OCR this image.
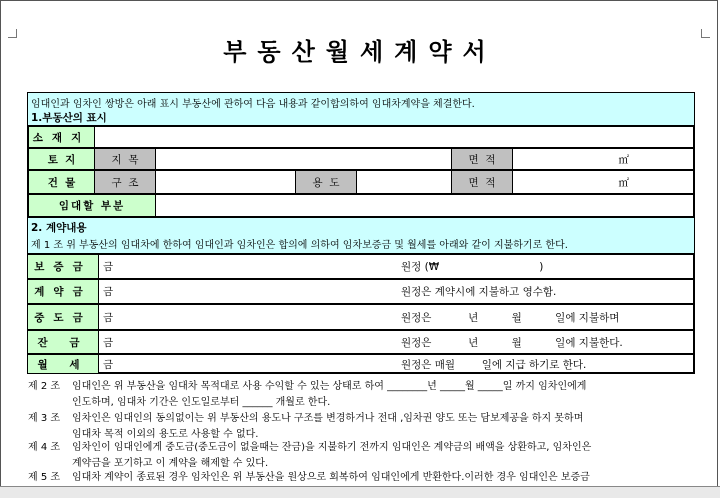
부동산월세계약서
임대인과 임차인 쌍방은 아래 표시 부동산에 관하여 다음 내용과 같이합의하여 임대차계약을 체결한다.
1.부동산의 표시
소재지
토  지	지  목	면  적	㎡
건  물	구  조	용  도	면  적	㎡
임대할 부분
2. 계약내용
제 1 조 위 부동산의 임대차에 한하여 임대인과 임차인은 합의에 의하여 임차보증금 및 월세를 아래와 같이 지불하기로 한다.
보증금	금	원정 (₩                              )
계약금	금	원정은 계약시에 지불하고 영수함.
중도금	금	원정은           년          월          일에 지불하며
잔 금	금	원정은           년          월          일에 지불한다.
월 세	금	원정은 매월        일에 지급 하기로 한다.
제 2 조 임대인은 위 부동산을 임대차 목적대로 사용 수익할 수 있는 상태로 하여 ________년 _____월 _____일 까지 임차인에게
인도하며, 임대차 기간은 인도일로부터 ______ 개월로 한다.
제 3 조 임차인은 임대인의 동의없이는 위 부동산의 용도나 구조를 변경하거나 전대 ,임차권 양도 또는 담보제공을 하지 못하며
임대차 목적 이외의 용도로 사용할 수 없다.
제 4 조 임차인이 임대인에게 중도금(중도금이 없을때는 잔금)을 지불하기 전까지 임대인은 계약금의 배액을 상환하고, 임차인은
계약금을 포기하고 이 계약을 해제할 수 있다.
제 5 조 임대차 계약이 종료된 경우 임차인은 위 부동산을 원상으로 회복하여 임대인에게 반환한다.이러한 경우 임대인은 보증금
